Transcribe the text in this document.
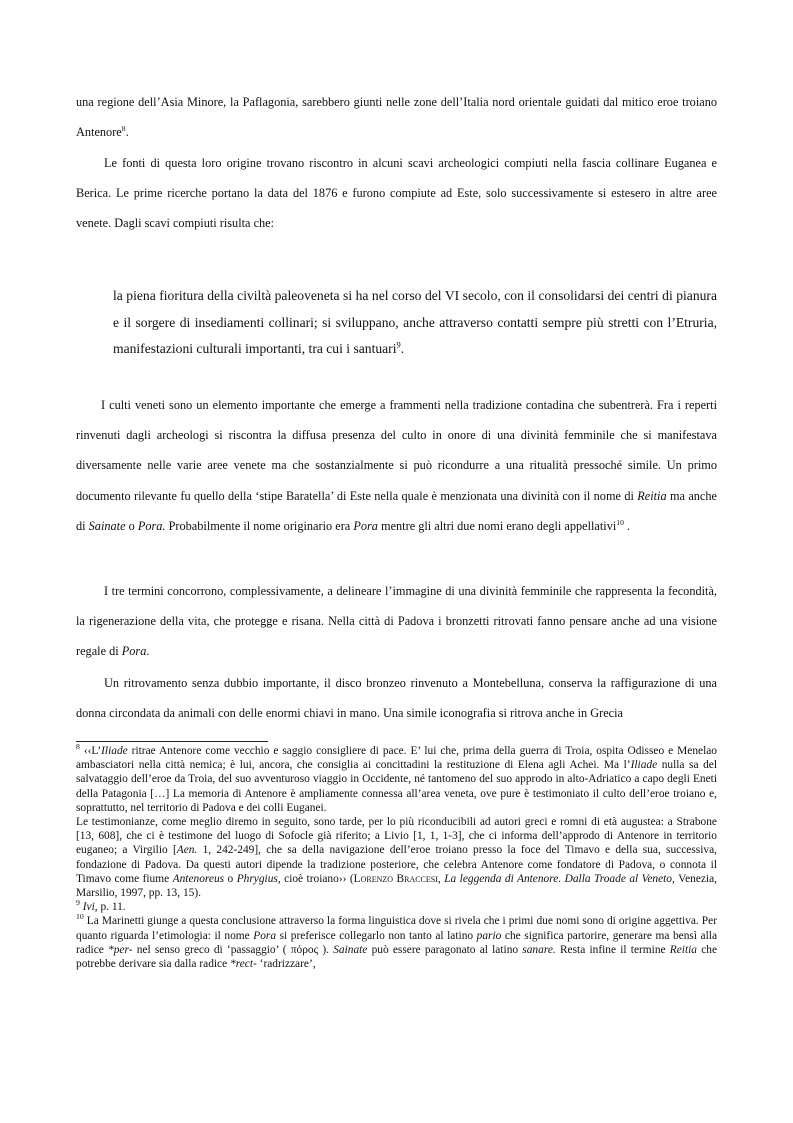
una regione dell’Asia Minore, la Paflagonia, sarebbero giunti nelle zone dell’Italia nord orientale guidati dal mitico eroe troiano Antenore$^8$.

Le fonti di questa loro origine trovano riscontro in alcuni scavi archeologici compiuti nella fascia collinare Euganea e Berica. Le prime ricerche portano la data del 1876 e furono compiute ad Este, solo successivamente si estesero in altre aree venete. Dagli scavi compiuti risulta che:

I culti veneti sono un elemento importante che emerge a frammenti nella tradizione contadina che subentrerà. Fra i reperti rinvenuti dagli archeologi si riscontra la diffusa presenza del culto in onore di una divinità femminile che si manifestava diversamente nelle varie aree venete ma che sostanzialmente si può ricondurre a una ritualità pressoché simile. Un primo documento rilevante fu quello della ‘stipe Baratella’ di Este nella quale è menzionata una divinità con il nome di Reitia ma anche di Sainate o Pora. Probabilmente il nome originario era Pora mentre gli altri due nomi erano degli appellativi$^{10}$ .

I tre termini concorrono, complessivamente, a delineare l’immagine di una divinità femminile che rappresenta la fecondità, la rigenerazione della vita, che protegge e risana. Nella città di Padova i bronzetti ritrovati fanno pensare anche ad una visione regale di Pora.

Un ritrovamento senza dubbio importante, il disco bronzeo rinvenuto a Montebelluna, conserva la raffigurazione di una donna circondata da animali con delle enormi chiavi in mano. Una simile iconografia si ritrova anche in Grecia

la piena fioritura della civiltà paleoveneta si ha nel corso del VI secolo, con il consolidarsi dei centri di pianura e il sorgere di insediamenti collinari; si sviluppano, anche attraverso contatti sempre più stretti con l’Etruria, manifestazioni culturali importanti, tra cui i santuari$^9$.

$^8$ ‹‹L’Iliade ritrae Antenore come vecchio e saggio consigliere di pace. E’ lui che, prima della guerra di Troia, ospita Odisseo e Menelao ambasciatori nella città nemica; è lui, ancora, che consiglia ai concittadini la restituzione di Elena agli Achei. Ma l’Iliade nulla sa del salvataggio dell’eroe da Troia, del suo avventuroso viaggio in Occidente, né tantomeno del suo approdo in alto-Adriatico a capo degli Eneti della Patagonia […] La memoria di Antenore è ampliamente connessa all’area veneta, ove pure è testimoniato il culto dell’eroe troiano e, soprattutto, nel territorio di Padova e dei colli Euganei.

Le testimonianze, come meglio diremo in seguito, sono tarde, per lo più riconducibili ad autori greci e romni di età augustea: a Strabone [13, 608], che ci è testimone del luogo di Sofocle già riferito; a Livio [1, 1, 1-3], che ci informa dell’approdo di Antenore in territorio euganeo; a Virgilio [Aen. 1, 242-249], che sa della navigazione dell’eroe troiano presso la foce del Timavo e della sua, successiva, fondazione di Padova. Da questi autori dipende la tradizione posteriore, che celebra Antenore come fondatore di Padova, o connota il Timavo come fiume Antenoreus o Phrygius, cioè troiano›› (Lorenzo Braccesi, La leggenda di Antenore. Dalla Troade al Veneto, Venezia, Marsilio, 1997, pp. 13, 15).

$^9$ Ivi, p. 11.

$^{10}$ La Marinetti giunge a questa conclusione attraverso la forma linguistica dove si rivela che i primi due nomi sono di origine aggettiva. Per quanto riguarda l’etimologia: il nome Pora si preferisce collegarlo non tanto al latino pario che significa partorire, generare ma bensì alla radice *per- nel senso greco di ‘passaggio’ ( πόρος ). Sainate può essere paragonato al latino sanare. Resta infine il termine Reitia che potrebbe derivare sia dalla radice *rect- ‘radrizzare’,
